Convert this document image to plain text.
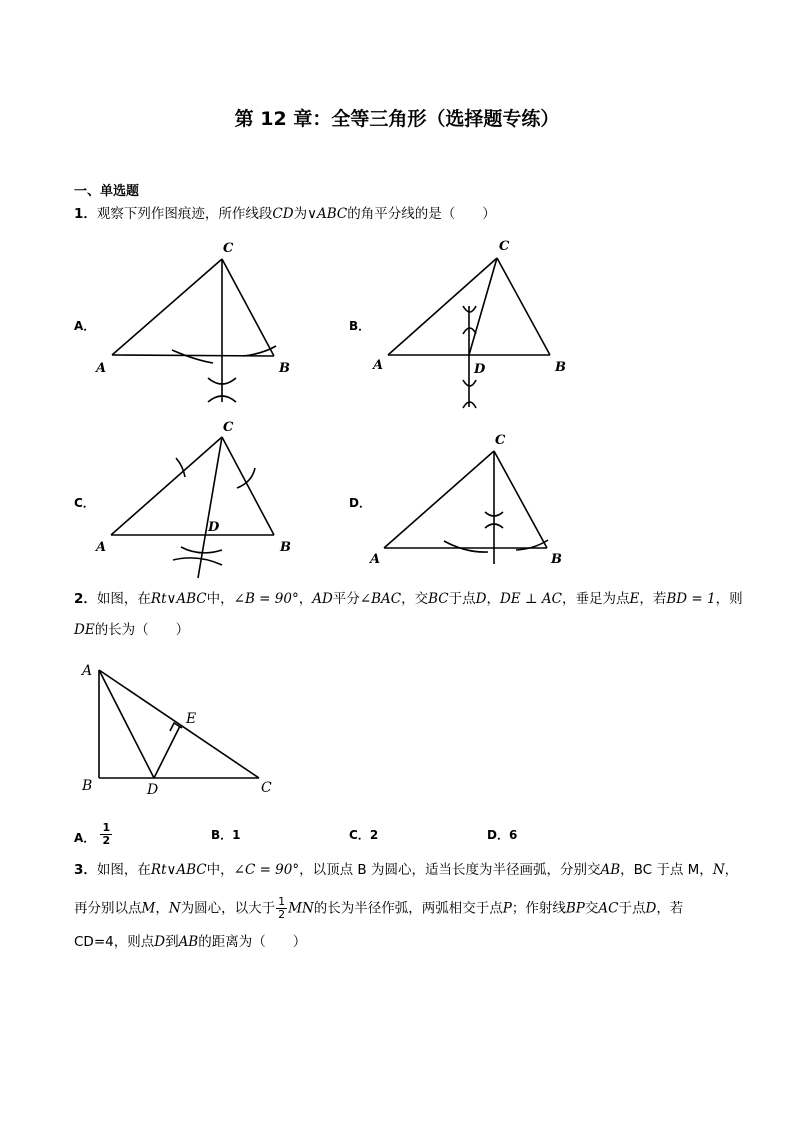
第 12 章：全等三角形（选择题专练）
一、单选题
1．观察下列作图痕迹，所作线段CD为∨ABC的角平分线的是（　　）
A．	B．
C．	D．
C
A	B
C
A	D	B
C
A
D
B
C
A	B
2．如图，在Rt∨ABC中，∠B = 90°，AD平分∠BAC，交BC于点D，DE ⊥ AC，垂足为点E，若BD = 1，则
DE的长为（　　）
A
E
B	D	C
A． $\frac{1}{2}$	B．1	C．2	D．6
3．如图，在Rt∨ABC中，∠C = 90°，以顶点 B 为圆心，适当长度为半径画弧，分别交AB，BC 于点 M，N，
再分别以点M，N为圆心，以大于 $\frac{1}{2}$ MN的长为半径作弧，两弧相交于点P；作射线BP交AC于点D，若
CD=4，则点D到AB的距离为（　　）
